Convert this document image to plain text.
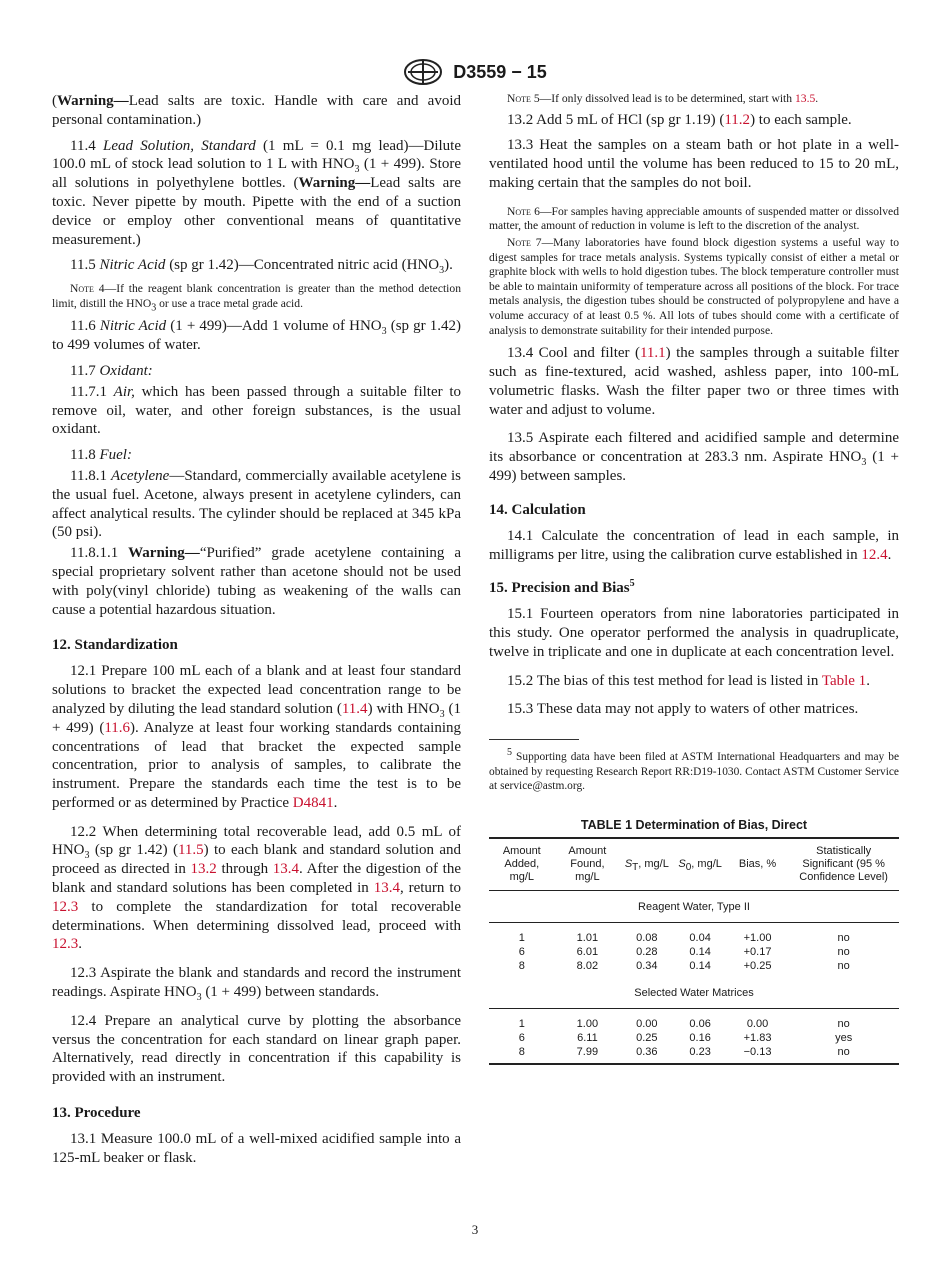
D3559 − 15

(Warning—Lead salts are toxic. Handle with care and avoid personal contamination.)

11.4 Lead Solution, Standard (1 mL = 0.1 mg lead)—Dilute 100.0 mL of stock lead solution to 1 L with $HNO_3$ (1 + 499). Store all solutions in polyethylene bottles. (Warning—Lead salts are toxic. Never pipette by mouth. Pipette with the end of a suction device or employ other conventional means of quantitative measurement.)

11.5 Nitric Acid (sp gr 1.42)—Concentrated nitric acid $(HNO_3)$.

Note 4—If the reagent blank concentration is greater than the method detection limit, distill the $HNO_3$ or use a trace metal grade acid.

11.6 Nitric Acid (1 + 499)—Add 1 volume of $HNO_3$ (sp gr 1.42) to 499 volumes of water.

11.7 Oxidant:

11.7.1 Air, which has been passed through a suitable filter to remove oil, water, and other foreign substances, is the usual oxidant.

11.8 Fuel:

11.8.1 Acetylene—Standard, commercially available acetylene is the usual fuel. Acetone, always present in acetylene cylinders, can affect analytical results. The cylinder should be replaced at 345 kPa (50 psi).

11.8.1.1 Warning—“Purified” grade acetylene containing a special proprietary solvent rather than acetone should not be used with poly(vinyl chloride) tubing as weakening of the walls can cause a potential hazardous situation.

12. Standardization

12.1 Prepare 100 mL each of a blank and at least four standard solutions to bracket the expected lead concentration range to be analyzed by diluting the lead standard solution (11.4) with $HNO_3$ (1 + 499) (11.6). Analyze at least four working standards containing concentrations of lead that bracket the expected sample concentration, prior to analysis of samples, to calibrate the instrument. Prepare the standards each time the test is to be performed or as determined by Practice D4841.

12.2 When determining total recoverable lead, add 0.5 mL of $HNO_3$ (sp gr 1.42) (11.5) to each blank and standard solution and proceed as directed in 13.2 through 13.4. After the digestion of the blank and standard solutions has been completed in 13.4, return to 12.3 to complete the standardization for total recoverable determinations. When determining dissolved lead, proceed with 12.3.

12.3 Aspirate the blank and standards and record the instrument readings. Aspirate $HNO_3$ (1 + 499) between standards.

12.4 Prepare an analytical curve by plotting the absorbance versus the concentration for each standard on linear graph paper. Alternatively, read directly in concentration if this capability is provided with an instrument.

13. Procedure

13.1 Measure 100.0 mL of a well-mixed acidified sample into a 125-mL beaker or flask.

Note 5—If only dissolved lead is to be determined, start with 13.5.

13.2 Add 5 mL of HCl (sp gr 1.19) (11.2) to each sample.

13.3 Heat the samples on a steam bath or hot plate in a well-ventilated hood until the volume has been reduced to 15 to 20 mL, making certain that the samples do not boil.

Note 6—For samples having appreciable amounts of suspended matter or dissolved matter, the amount of reduction in volume is left to the discretion of the analyst.

Note 7—Many laboratories have found block digestion systems a useful way to digest samples for trace metals analysis. Systems typically consist of either a metal or graphite block with wells to hold digestion tubes. The block temperature controller must be able to maintain uniformity of temperature across all positions of the block. For trace metals analysis, the digestion tubes should be constructed of polypropylene and have a volume accuracy of at least 0.5 %. All lots of tubes should come with a certificate of analysis to demonstrate suitability for their intended purpose.

13.4 Cool and filter (11.1) the samples through a suitable filter such as fine-textured, acid washed, ashless paper, into 100-mL volumetric flasks. Wash the filter paper two or three times with water and adjust to volume.

13.5 Aspirate each filtered and acidified sample and determine its absorbance or concentration at 283.3 nm. Aspirate $HNO_3$ (1 + 499) between samples.

14. Calculation

14.1 Calculate the concentration of lead in each sample, in milligrams per litre, using the calibration curve established in 12.4.

15. Precision and Bias$^5$

15.1 Fourteen operators from nine laboratories participated in this study. One operator performed the analysis in quadruplicate, twelve in triplicate and one in duplicate at each concentration level.

15.2 The bias of this test method for lead is listed in Table 1.

15.3 These data may not apply to waters of other matrices.

$^5$ Supporting data have been filed at ASTM International Headquarters and may be obtained by requesting Research Report RR:D19-1030. Contact ASTM Customer Service at service@astm.org.

TABLE 1 Determination of Bias, Direct
Amount Added, mg/L	Amount Found, mg/L	$S_T$, mg/L	$S_0$, mg/L	Bias, %	Statistically Significant (95 % Confidence Level)
Reagent Water, Type II					

1	1.01	0.08	0.04	+1.00	no
6	6.01	0.28	0.14	+0.17	no
8	8.02	0.34	0.14	+0.25	no
Selected Water Matrices					

1	1.00	0.00	0.06	0.00	no
6	6.11	0.25	0.16	+1.83	yes
8	7.99	0.36	0.23	−0.13	no
3
